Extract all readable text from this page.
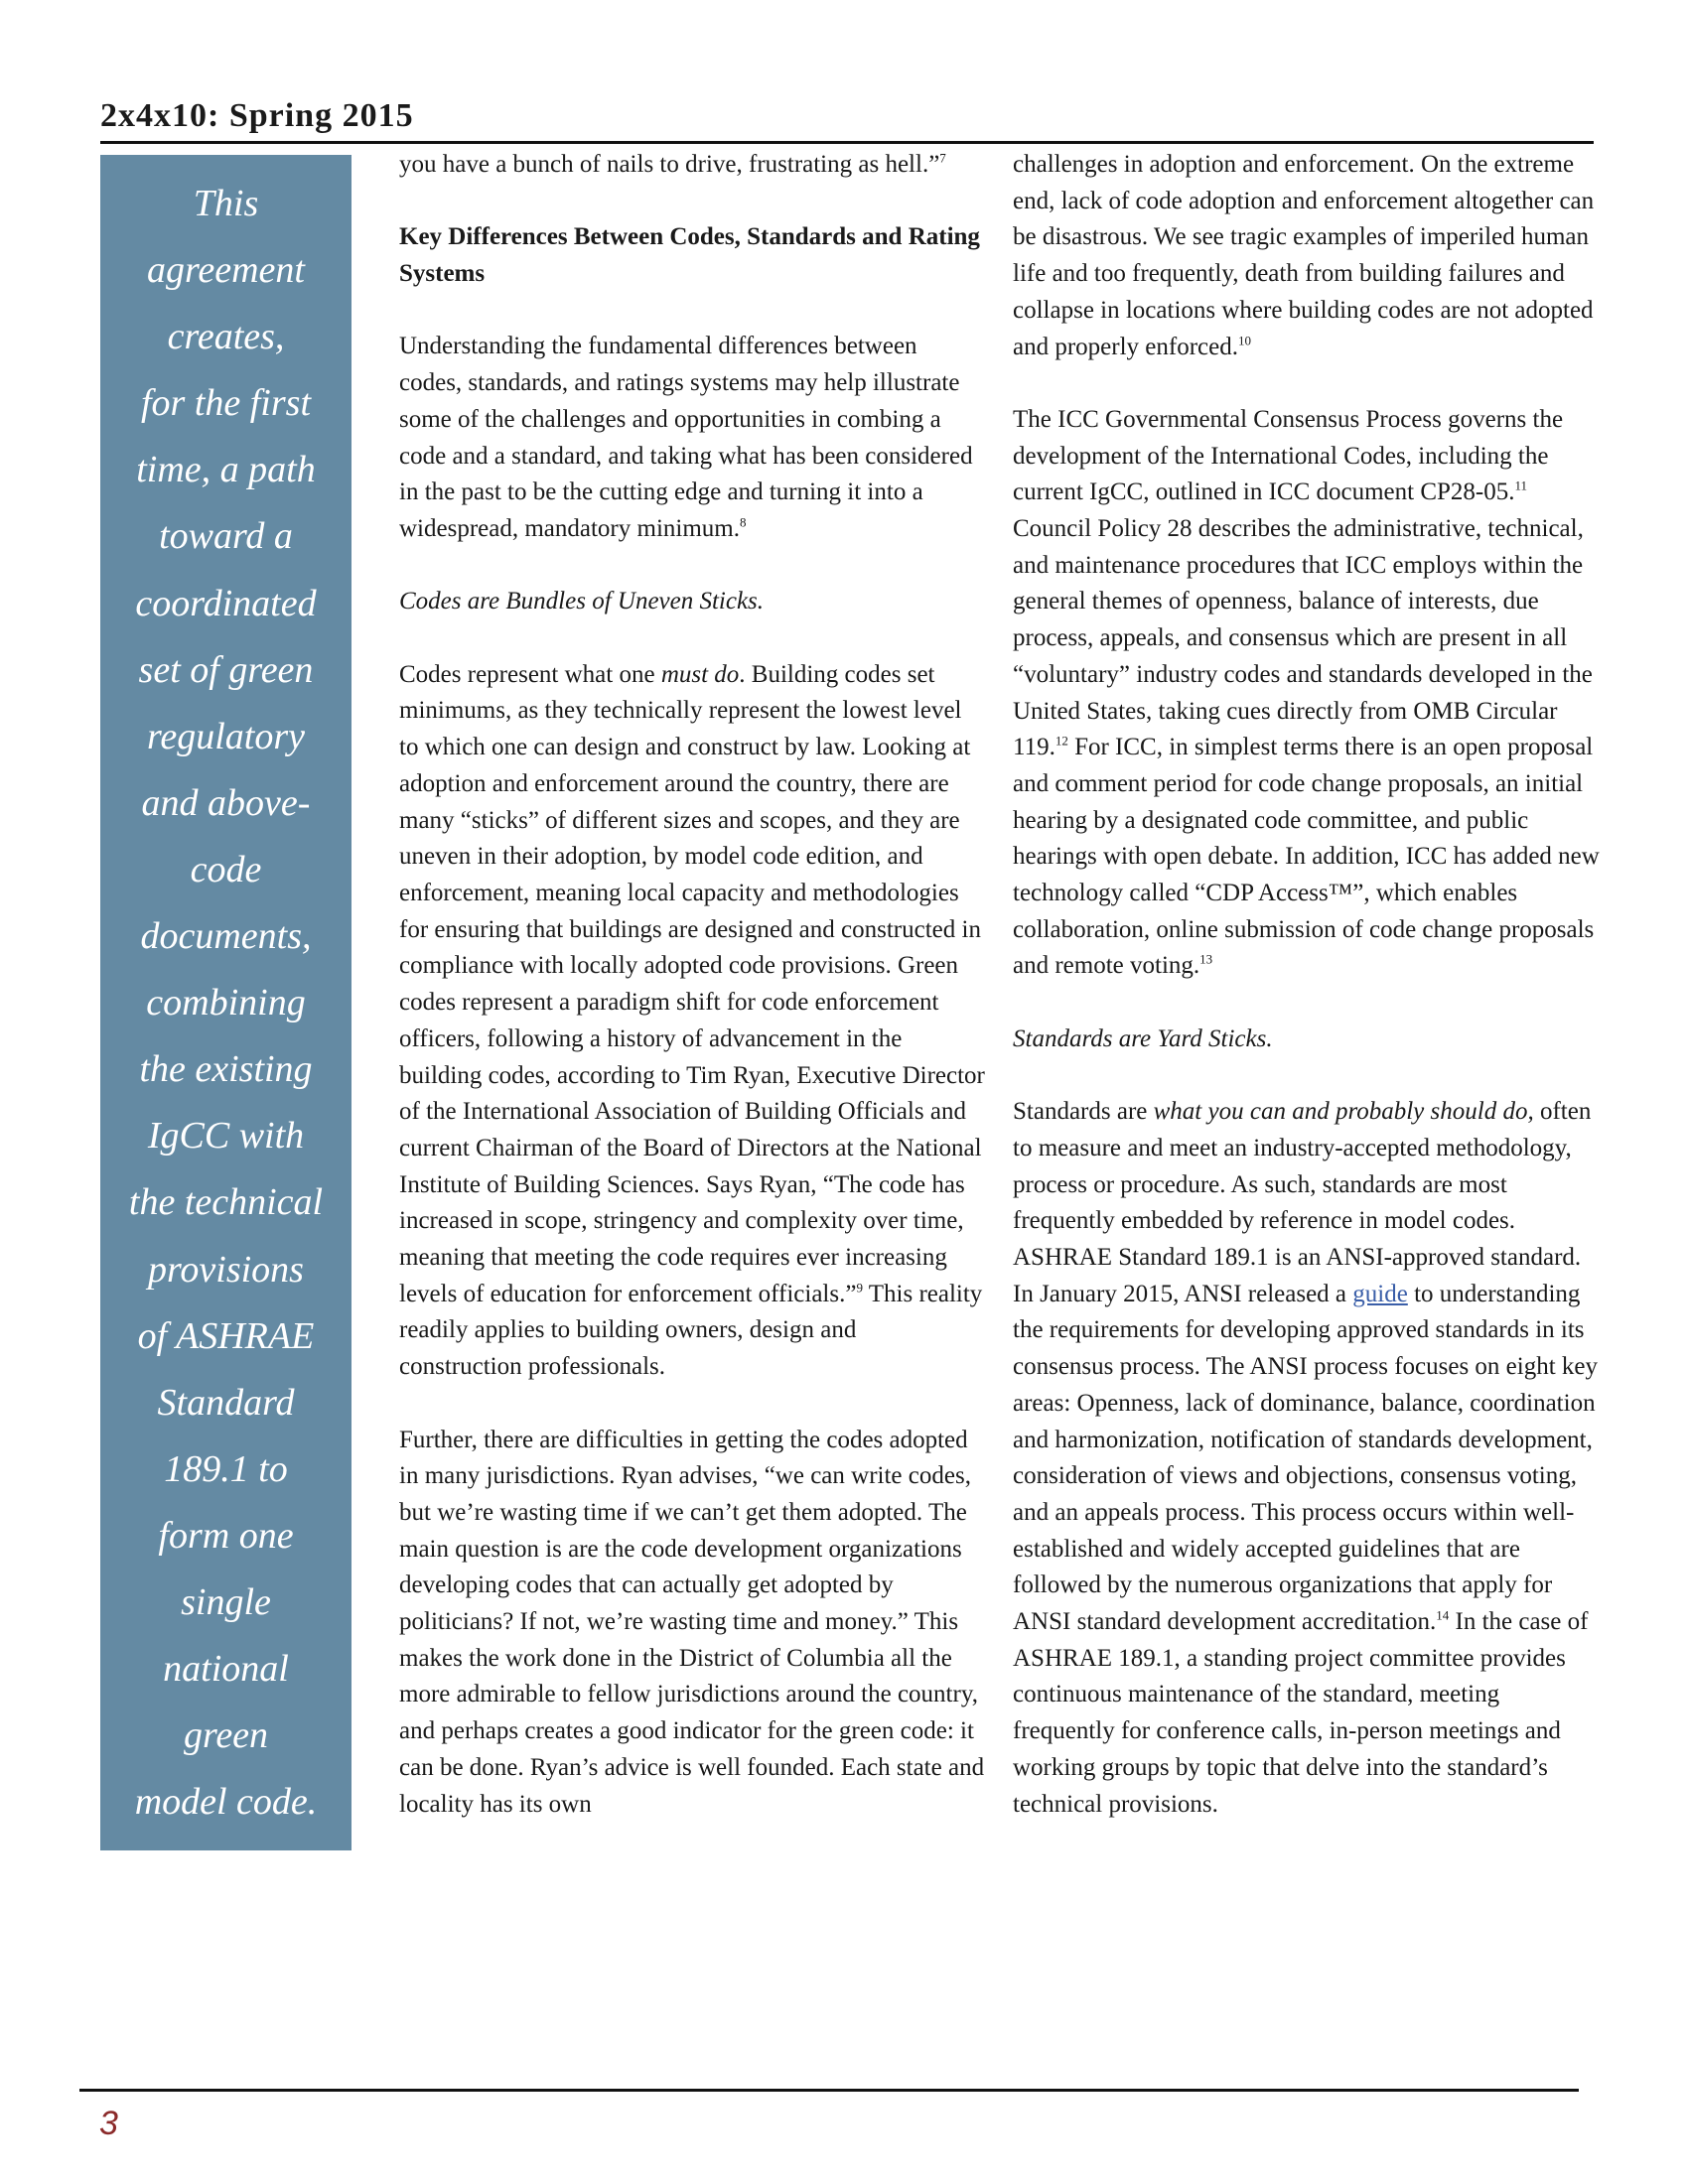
2x4x10: Spring 2015
This
agreement
creates,
for the first
time, a path
toward a
coordinated
set of green
regulatory
and above-
code
documents,
combining
the existing
IgCC with
the technical
provisions
of ASHRAE
Standard
189.1 to
form one
single
national
green
model code.

you have a bunch of nails to drive, frustrating as hell.”$^7$

Key Differences Between Codes, Standards and Rating Systems

Understanding the fundamental differences between codes, standards, and ratings systems may help illustrate some of the challenges and opportunities in combing a code and a standard, and taking what has been considered in the past to be the cutting edge and turning it into a widespread, mandatory minimum.$^8$

Codes are Bundles of Uneven Sticks.

Codes represent what one must do. Building codes set minimums, as they technically represent the lowest level to which one can design and construct by law. Looking at adoption and enforcement around the country, there are many “sticks” of different sizes and scopes, and they are uneven in their adoption, by model code edition, and enforcement, meaning local capacity and methodologies for ensuring that buildings are designed and constructed in compliance with locally adopted code provisions. Green codes represent a paradigm shift for code enforcement officers, following a history of advancement in the building codes, according to Tim Ryan, Executive Director of the International Association of Building Officials and current Chairman of the Board of Directors at the National Institute of Building Sciences. Says Ryan, “The code has increased in scope, stringency and complexity over time, meaning that meeting the code requires ever increasing levels of education for enforcement officials.”$^9$ This reality readily applies to building owners, design and construction professionals.

Further, there are difficulties in getting the codes adopted in many jurisdictions. Ryan advises, “we can write codes, but we’re wasting time if we can’t get them adopted. The main question is are the code development organizations developing codes that can actually get adopted by politicians? If not, we’re wasting time and money.” This makes the work done in the District of Columbia all the more admirable to fellow jurisdictions around the country, and perhaps creates a good indicator for the green code: it can be done. Ryan’s advice is well founded. Each state and locality has its own

challenges in adoption and enforcement. On the extreme end, lack of code adoption and enforcement altogether can be disastrous. We see tragic examples of imperiled human life and too frequently, death from building failures and collapse in locations where building codes are not adopted and properly enforced.$^{10}$

The ICC Governmental Consensus Process governs the development of the International Codes, including the current IgCC, outlined in ICC document CP28-05.11 Council Policy 28 describes the administrative, technical, and maintenance procedures that ICC employs within the general themes of openness, balance of interests, due process, appeals, and consensus which are present in all “voluntary” industry codes and standards developed in the United States, taking cues directly from OMB Circular 119.12 For ICC, in simplest terms there is an open proposal and comment period for code change proposals, an initial hearing by a designated code committee, and public hearings with open debate. In addition, ICC has added new technology called “CDP Access™”, which enables collaboration, online submission of code change proposals and remote voting.$^{13}$

Standards are Yard Sticks.

Standards are what you can and probably should do, often to measure and meet an industry-accepted methodology, process or procedure. As such, standards are most frequently embedded by reference in model codes. ASHRAE Standard 189.1 is an ANSI-approved standard. In January 2015, ANSI released a guide to understanding the requirements for developing approved standards in its consensus process. The ANSI process focuses on eight key areas: Openness, lack of dominance, balance, coordination and harmonization, notification of standards development, consideration of views and objections, consensus voting, and an appeals process. This process occurs within well-established and widely accepted guidelines that are followed by the numerous organizations that apply for ANSI standard development accreditation.$^{14}$ In the case of ASHRAE 189.1, a standing project committee provides continuous maintenance of the standard, meeting frequently for conference calls, in-person meetings and working groups by topic that delve into the standard’s technical provisions.

3
